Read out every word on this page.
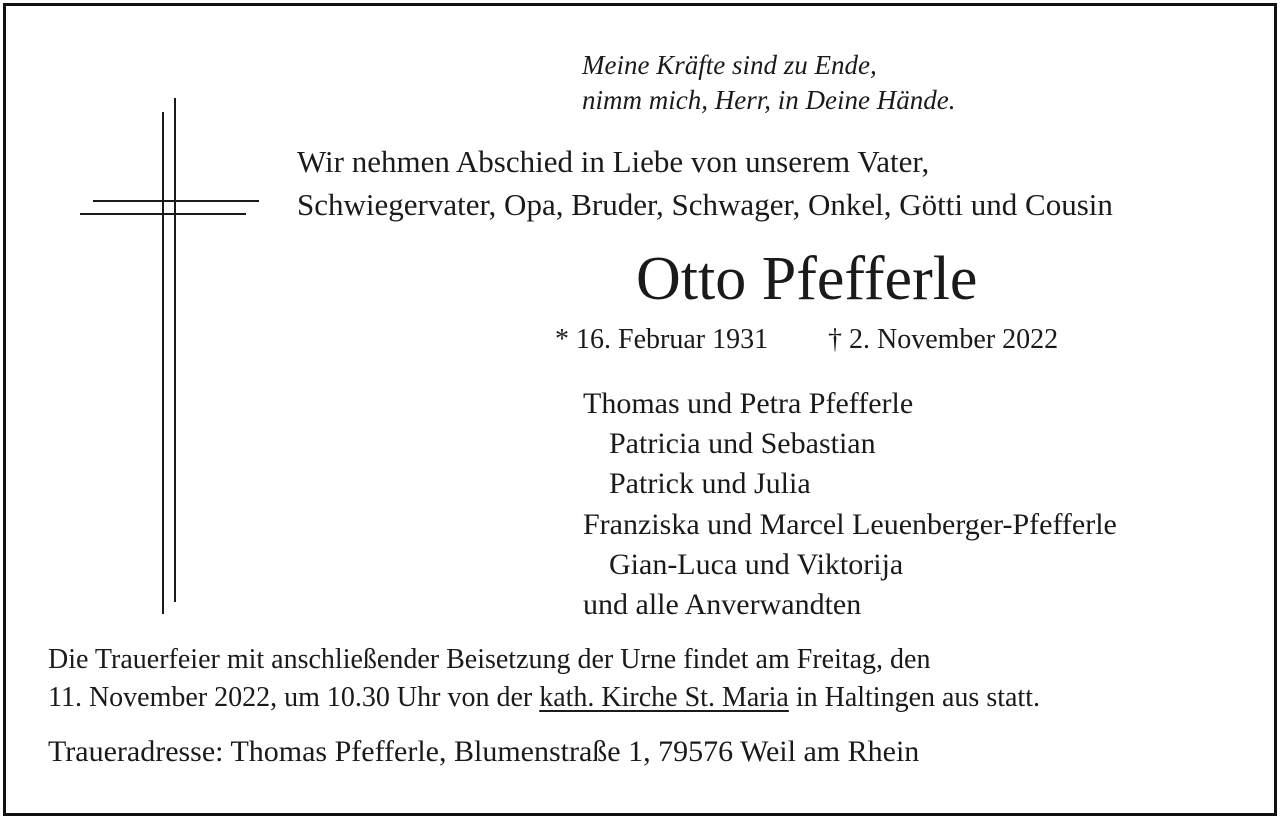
Meine Kräfte sind zu Ende,
nimm mich, Herr, in Deine Hände.
Wir nehmen Abschied in Liebe von unserem Vater,
Schwiegervater, Opa, Bruder, Schwager, Onkel, Götti und Cousin
Otto Pfefferle
* 16. Februar 1931 † 2. November 2022
Thomas und Petra Pfefferle
Patricia und Sebastian
Patrick und Julia
Franziska und Marcel Leuenberger-Pfefferle
Gian-Luca und Viktorija
und alle Anverwandten
Die Trauerfeier mit anschließender Beisetzung der Urne findet am Freitag, den
11. November 2022, um 10.30 Uhr von der kath. Kirche St. Maria in Haltingen aus statt.
Traueradresse: Thomas Pfefferle, Blumenstraße 1, 79576 Weil am Rhein
